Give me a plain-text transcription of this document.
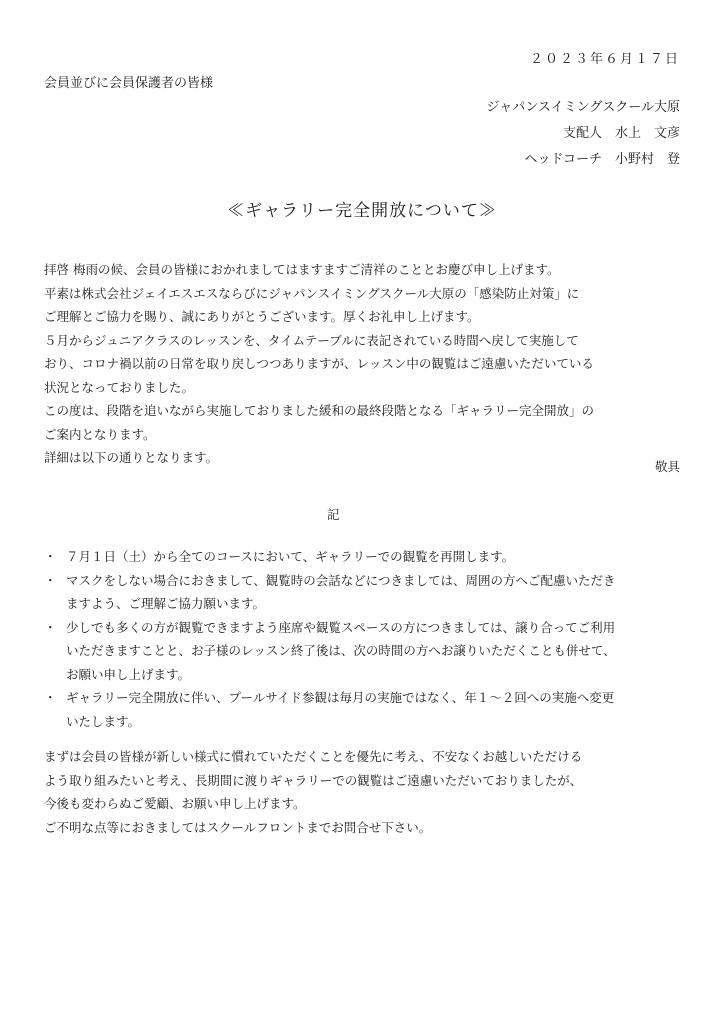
２０２３年６月１７日
会員並びに会員保護者の皆様
ジャパンスイミングスクール大原
支配人　水上　文彦
ヘッドコーチ　小野村　登
≪ギャラリー完全開放について≫

拝啓 梅雨の候、会員の皆様におかれましてはますますご清祥のこととお慶び申し上げます。

平素は株式会社ジェイエスエスならびにジャパンスイミングスクール大原の「感染防止対策」に

ご理解とご協力を賜り、誠にありがとうございます。厚くお礼申し上げます。

５月からジュニアクラスのレッスンを、タイムテーブルに表記されている時間へ戻して実施して

おり、コロナ禍以前の日常を取り戻しつつありますが、レッスン中の観覧はご遠慮いただいている

状況となっておりました。

この度は、段階を追いながら実施しておりました緩和の最終段階となる「ギャラリー完全開放」の

ご案内となります。

詳細は以下の通りとなります。

敬具
記
・ ７月１日（土）から全てのコースにおいて、ギャラリーでの観覧を再開します。
・ マスクをしない場合におきまして、観覧時の会話などにつきましては、周囲の方へご配慮いただき
ますよう、ご理解ご協力願います。
・ 少しでも多くの方が観覧できますよう座席や観覧スペースの方につきましては、譲り合ってご利用
いただきますことと、お子様のレッスン終了後は、次の時間の方へお譲りいただくことも併せて、
お願い申し上げます。
・ ギャラリー完全開放に伴い、プールサイド参観は毎月の実施ではなく、年１～２回への実施へ変更
いたします。

まずは会員の皆様が新しい様式に慣れていただくことを優先に考え、不安なくお越しいただける

よう取り組みたいと考え、長期間に渡りギャラリーでの観覧はご遠慮いただいておりましたが、

今後も変わらぬご愛顧、お願い申し上げます。

ご不明な点等におきましてはスクールフロントまでお問合せ下さい。
